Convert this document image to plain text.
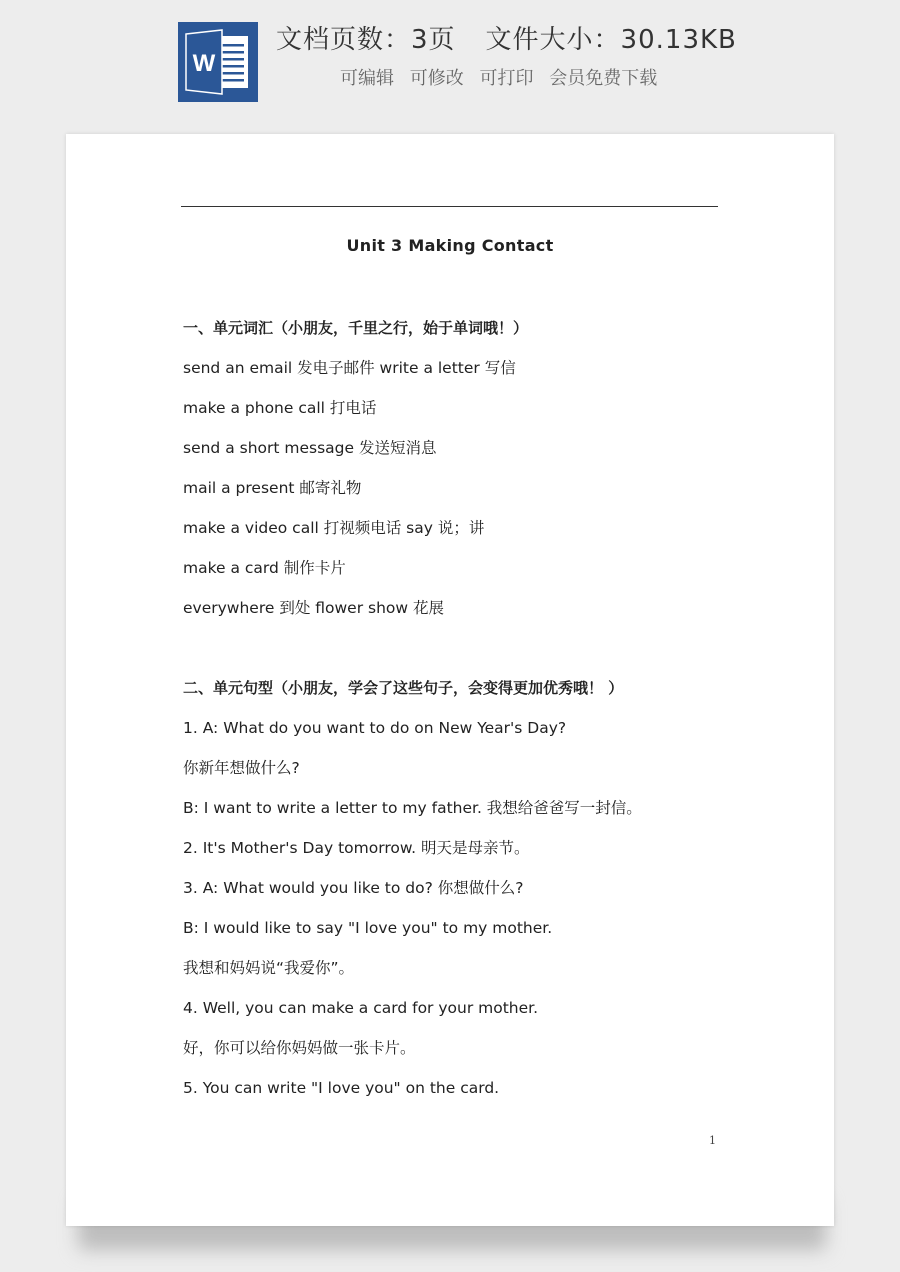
W
文档页数：3页 文件大小：30.13KB
可编辑 可修改 可打印 会员免费下载
Unit 3 Making Contact
一、单元词汇（小朋友，千里之行，始于单词哦！）
send an email 发电子邮件 write a letter 写信
make a phone call 打电话
send a short message 发送短消息
mail a present 邮寄礼物
make a video call 打视频电话 say 说；讲
make a card 制作卡片
everywhere 到处 flower show 花展
二、单元句型（小朋友，学会了这些句子，会变得更加优秀哦！ ）
1. A: What do you want to do on New Year's Day?
你新年想做什么?
B: I want to write a letter to my father. 我想给爸爸写一封信。
2. It's Mother's Day tomorrow. 明天是母亲节。
3. A: What would you like to do? 你想做什么?
B: I would like to say "I love you" to my mother.
我想和妈妈说“我爱你”。
4. Well, you can make a card for your mother.
好，你可以给你妈妈做一张卡片。
5. You can write "I love you" on the card.
1
